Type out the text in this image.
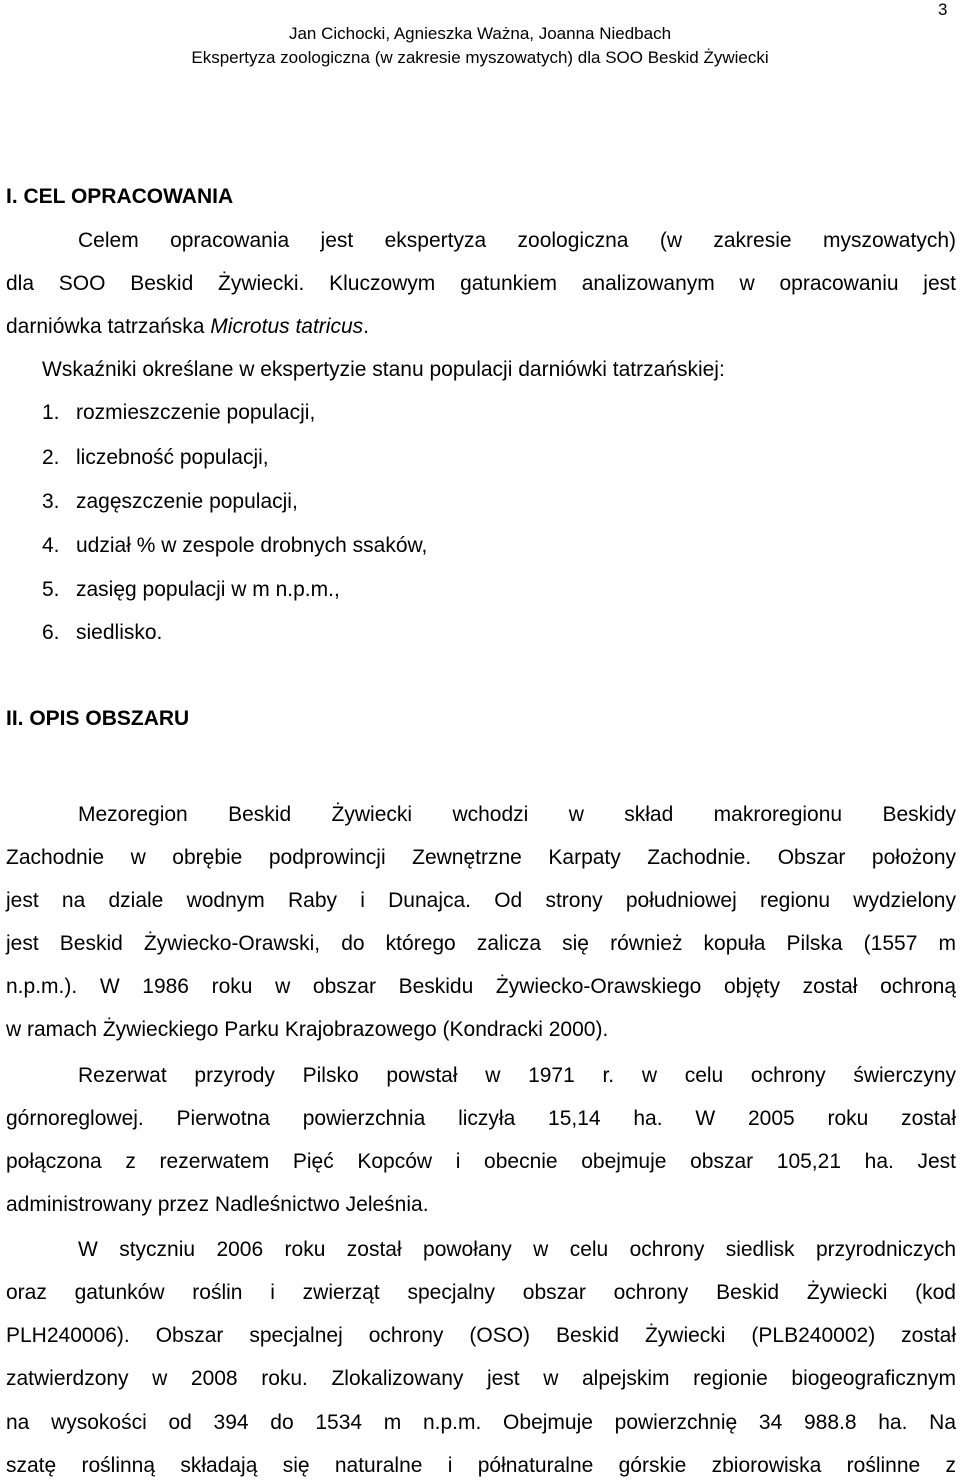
3
Jan Cichocki, Agnieszka Ważna, Joanna Niedbach
Ekspertyza zoologiczna (w zakresie myszowatych) dla SOO Beskid Żywiecki
I. CEL OPRACOWANIA
Celem opracowania jest ekspertyza zoologiczna (w zakresie myszowatych)
dla SOO Beskid Żywiecki. Kluczowym gatunkiem analizowanym w opracowaniu jest
darniówka tatrzańska Microtus tatricus.
Wskaźniki określane w ekspertyzie stanu populacji darniówki tatrzańskiej:
1. rozmieszczenie populacji,
2. liczebność populacji,
3. zagęszczenie populacji,
4. udział % w zespole drobnych ssaków,
5. zasięg populacji w m n.p.m.,
6. siedlisko.
II. OPIS OBSZARU
Mezoregion Beskid Żywiecki wchodzi w skład makroregionu Beskidy
Zachodnie w obrębie podprowincji Zewnętrzne Karpaty Zachodnie. Obszar położony
jest na dziale wodnym Raby i Dunajca. Od strony południowej regionu wydzielony
jest Beskid Żywiecko-Orawski, do którego zalicza się również kopuła Pilska (1557 m
n.p.m.). W 1986 roku w obszar Beskidu Żywiecko-Orawskiego objęty został ochroną
w ramach Żywieckiego Parku Krajobrazowego (Kondracki 2000).
Rezerwat przyrody Pilsko powstał w 1971 r. w celu ochrony świerczyny
górnoreglowej. Pierwotna powierzchnia liczyła 15,14 ha. W 2005 roku został
połączona z rezerwatem Pięć Kopców i obecnie obejmuje obszar 105,21 ha. Jest
administrowany przez Nadleśnictwo Jeleśnia.
W styczniu 2006 roku został powołany w celu ochrony siedlisk przyrodniczych
oraz gatunków roślin i zwierząt specjalny obszar ochrony Beskid Żywiecki (kod
PLH240006). Obszar specjalnej ochrony (OSO) Beskid Żywiecki (PLB240002) został
zatwierdzony w 2008 roku. Zlokalizowany jest w alpejskim regionie biogeograficznym
na wysokości od 394 do 1534 m n.p.m. Obejmuje powierzchnię 34 988.8 ha. Na
szatę roślinną składają się naturalne i półnaturalne górskie zbiorowiska roślinne z
